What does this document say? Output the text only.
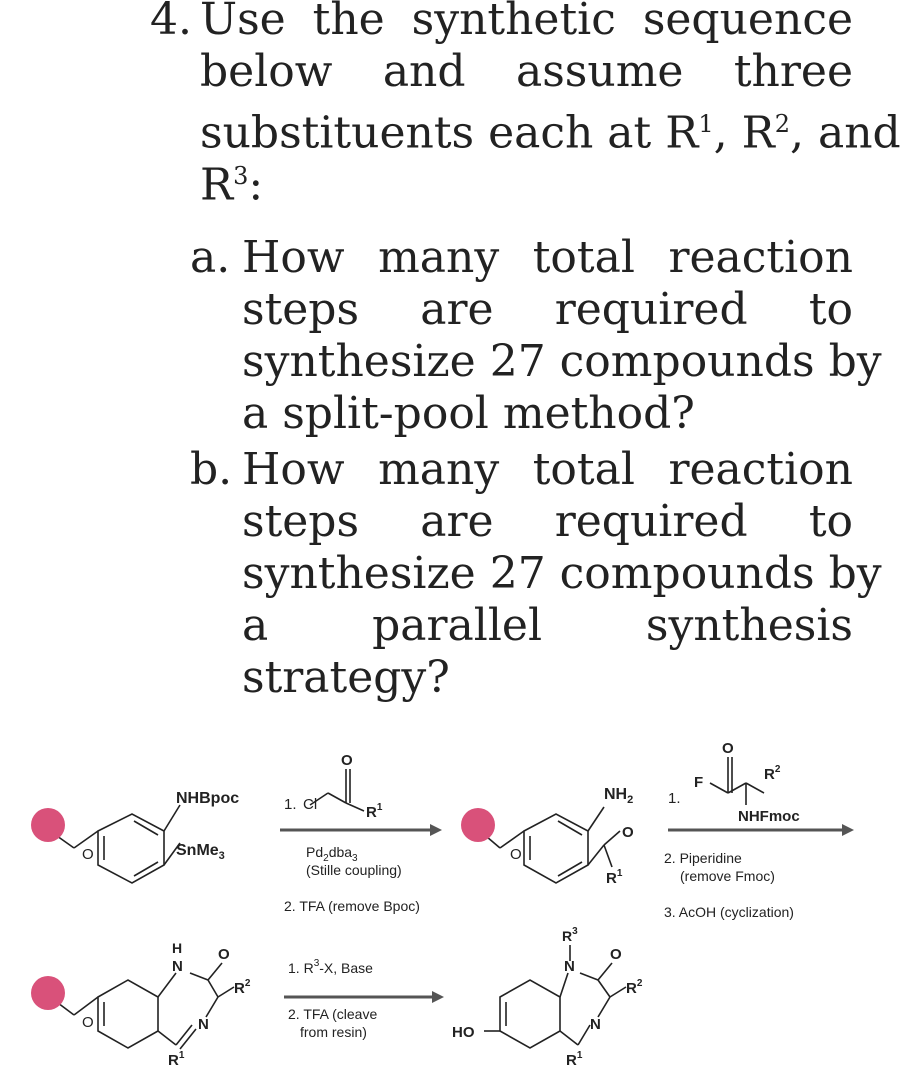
4. Use the synthetic sequence
below and assume three
substituents each at $R^1$, $R^2$, and
$R^3$:
a. How many total reaction
steps are required to
synthesize 27 compounds by
a split-pool method?
b. How many total reaction
steps are required to
synthesize 27 compounds by
a parallel synthesis
strategy?
O
NHBpoc
SnMe$_3$
1. Cl
O
$R^1$
$Pd_2dba_3$
(Stille coupling)
2. TFA (remove Bpoc)
O
$NH_2$
O
$R^1$
1.
F
O
$R^2$
NHFmoc
2. Piperidine
(remove Fmoc)
3. AcOH (cyclization)
O
H
N
O
$R^2$
N
$R^1$
1. $R^3-X$, Base
2. TFA (cleave
from resin)	HO
$R^3$
N
O
$R^2$
N
$R^1$
